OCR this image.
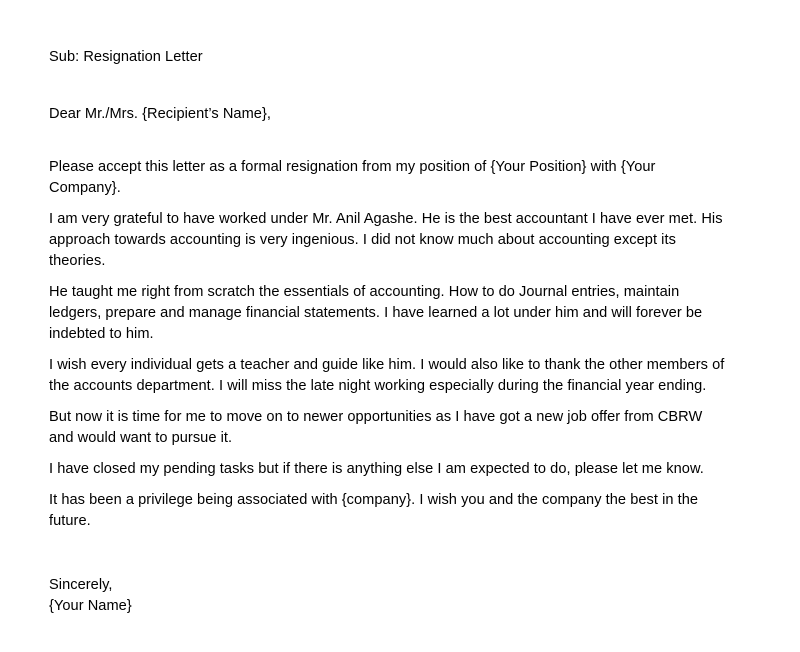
Sub: Resignation Letter

Dear Mr./Mrs. {Recipient’s Name},

Please accept this letter as a formal resignation from my position of {Your Position} with {Your
Company}.
I am very grateful to have worked under Mr. Anil Agashe. He is the best accountant I have ever met. His
approach towards accounting is very ingenious. I did not know much about accounting except its
theories.
He taught me right from scratch the essentials of accounting. How to do Journal entries, maintain
ledgers, prepare and manage financial statements. I have learned a lot under him and will forever be
indebted to him.
I wish every individual gets a teacher and guide like him. I would also like to thank the other members of
the accounts department. I will miss the late night working especially during the financial year ending.
But now it is time for me to move on to newer opportunities as I have got a new job offer from CBRW
and would want to pursue it.
I have closed my pending tasks but if there is anything else I am expected to do, please let me know.
It has been a privilege being associated with {company}. I wish you and the company the best in the
future.

Sincerely,

{Your Name}
